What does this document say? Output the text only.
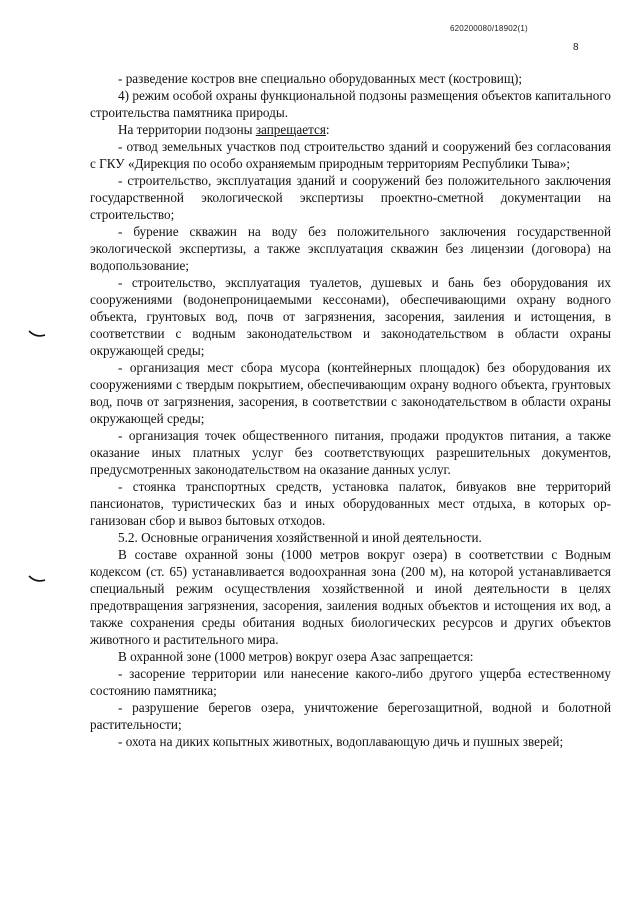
620200080/18902(1)
8

- разведение костров вне специально оборудованных мест (костровищ);

4) режим особой охраны функциональной подзоны размещения объектов капитального строительства памятника природы.

На территории подзоны запрещается:

- отвод земельных участков под строительство зданий и сооружений без согласования с ГКУ «Дирекция по особо охраняемым природным территориям Республики Тыва»;

- строительство, эксплуатация зданий и сооружений без положительного заключения государственной экологической экспертизы проектно-сметной документации на строительство;

- бурение скважин на воду без положительного заключения государственной экологической экспертизы, а также эксплуатация скважин без лицензии (договора) на водопользование;

- строительство, эксплуатация туалетов, душевых и бань без оборудования их сооружениями (водонепроницаемыми кессонами), обеспечивающими охрану водного объекта, грунтовых вод, почв от загрязнения, засорения, заиления и истощения, в соответствии с водным законодательством и законодательством в области охраны окружающей среды;

- организация мест сбора мусора (контейнерных площадок) без оборудования их сооружениями с твердым покрытием, обеспечивающим охрану водного объекта, грунтовых вод, почв от загрязнения, засорения, в соответствии с законодательством в области охраны окружающей среды;

- организация точек общественного питания, продажи продуктов питания, а также оказание иных платных услуг без соответствующих разрешительных документов, предусмотренных законодательством на оказание данных услуг.

- стоянка транспортных средств, установка палаток, бивуаков вне территорий пансионатов, туристических баз и иных оборудованных мест отдыха, в которых организован сбор и вывоз бытовых отходов.

5.2. Основные ограничения хозяйственной и иной деятельности.

В составе охранной зоны (1000 метров вокруг озера) в соответствии с Водным кодексом (ст. 65) устанавливается водоохранная зона (200 м), на которой устанавливается специальный режим осуществления хозяйственной и иной деятельности в целях предотвращения загрязнения, засорения, заиления водных объектов и истощения их вод, а также сохранения среды обитания водных биологических ресурсов и других объектов животного и растительного мира.

В охранной зоне (1000 метров) вокруг озера Азас запрещается:

- засорение территории или нанесение какого-либо другого ущерба естественному состоянию памятника;

- разрушение берегов озера, уничтожение берегозащитной, водной и болотной растительности;

- охота на диких копытных животных, водоплавающую дичь и пушных зверей;
